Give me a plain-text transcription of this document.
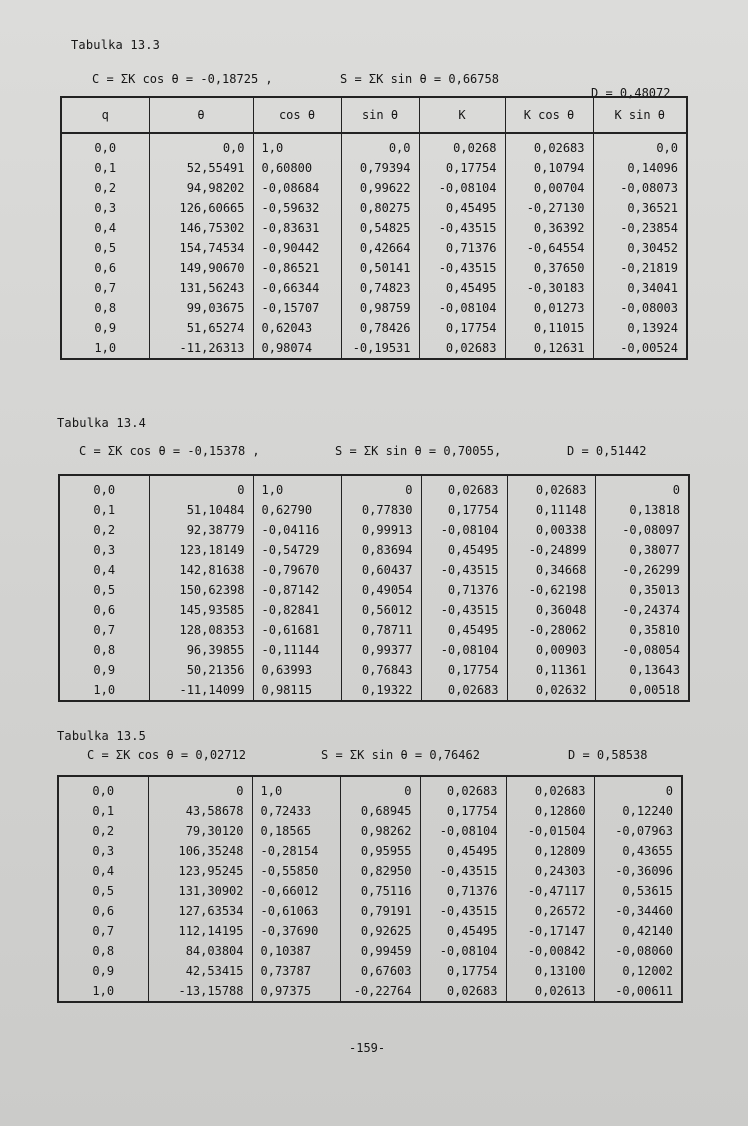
Tabulka 13.3
C = ΣK cos θ = -0,18725 ,	S = ΣK sin θ = 0,66758
D = 0,48072
q	θ	cos θ	sin θ	K	K cos θ	K sin θ
0,0	0,0	1,0	0,0	0,0268	0,02683	0,0
0,1	52,55491	0,60800	0,79394	0,17754	0,10794	0,14096
0,2	94,98202	-0,08684	0,99622	-0,08104	0,00704	-0,08073
0,3	126,60665	-0,59632	0,80275	0,45495	-0,27130	0,36521
0,4	146,75302	-0,83631	0,54825	-0,43515	0,36392	-0,23854
0,5	154,74534	-0,90442	0,42664	0,71376	-0,64554	0,30452
0,6	149,90670	-0,86521	0,50141	-0,43515	0,37650	-0,21819
0,7	131,56243	-0,66344	0,74823	0,45495	-0,30183	0,34041
0,8	99,03675	-0,15707	0,98759	-0,08104	0,01273	-0,08003
0,9	51,65274	0,62043	0,78426	0,17754	0,11015	0,13924
1,0	-11,26313	0,98074	-0,19531	0,02683	0,12631	-0,00524
Tabulka 13.4
C = ΣK cos θ = -0,15378 ,	S = ΣK sin θ = 0,70055,	D = 0,51442
0,0	0	1,0	0	0,02683	0,02683	0
0,1	51,10484	0,62790	0,77830	0,17754	0,11148	0,13818
0,2	92,38779	-0,04116	0,99913	-0,08104	0,00338	-0,08097
0,3	123,18149	-0,54729	0,83694	0,45495	-0,24899	0,38077
0,4	142,81638	-0,79670	0,60437	-0,43515	0,34668	-0,26299
0,5	150,62398	-0,87142	0,49054	0,71376	-0,62198	0,35013
0,6	145,93585	-0,82841	0,56012	-0,43515	0,36048	-0,24374
0,7	128,08353	-0,61681	0,78711	0,45495	-0,28062	0,35810
0,8	96,39855	-0,11144	0,99377	-0,08104	0,00903	-0,08054
0,9	50,21356	0,63993	0,76843	0,17754	0,11361	0,13643
1,0	-11,14099	0,98115	0,19322	0,02683	0,02632	0,00518
Tabulka 13.5
C = ΣK cos θ = 0,02712	S = ΣK sin θ = 0,76462	D = 0,58538
0,0	0	1,0	0	0,02683	0,02683	0
0,1	43,58678	0,72433	0,68945	0,17754	0,12860	0,12240
0,2	79,30120	0,18565	0,98262	-0,08104	-0,01504	-0,07963
0,3	106,35248	-0,28154	0,95955	0,45495	0,12809	0,43655
0,4	123,95245	-0,55850	0,82950	-0,43515	0,24303	-0,36096
0,5	131,30902	-0,66012	0,75116	0,71376	-0,47117	0,53615
0,6	127,63534	-0,61063	0,79191	-0,43515	0,26572	-0,34460
0,7	112,14195	-0,37690	0,92625	0,45495	-0,17147	0,42140
0,8	84,03804	0,10387	0,99459	-0,08104	-0,00842	-0,08060
0,9	42,53415	0,73787	0,67603	0,17754	0,13100	0,12002
1,0	-13,15788	0,97375	-0,22764	0,02683	0,02613	-0,00611
-159-
